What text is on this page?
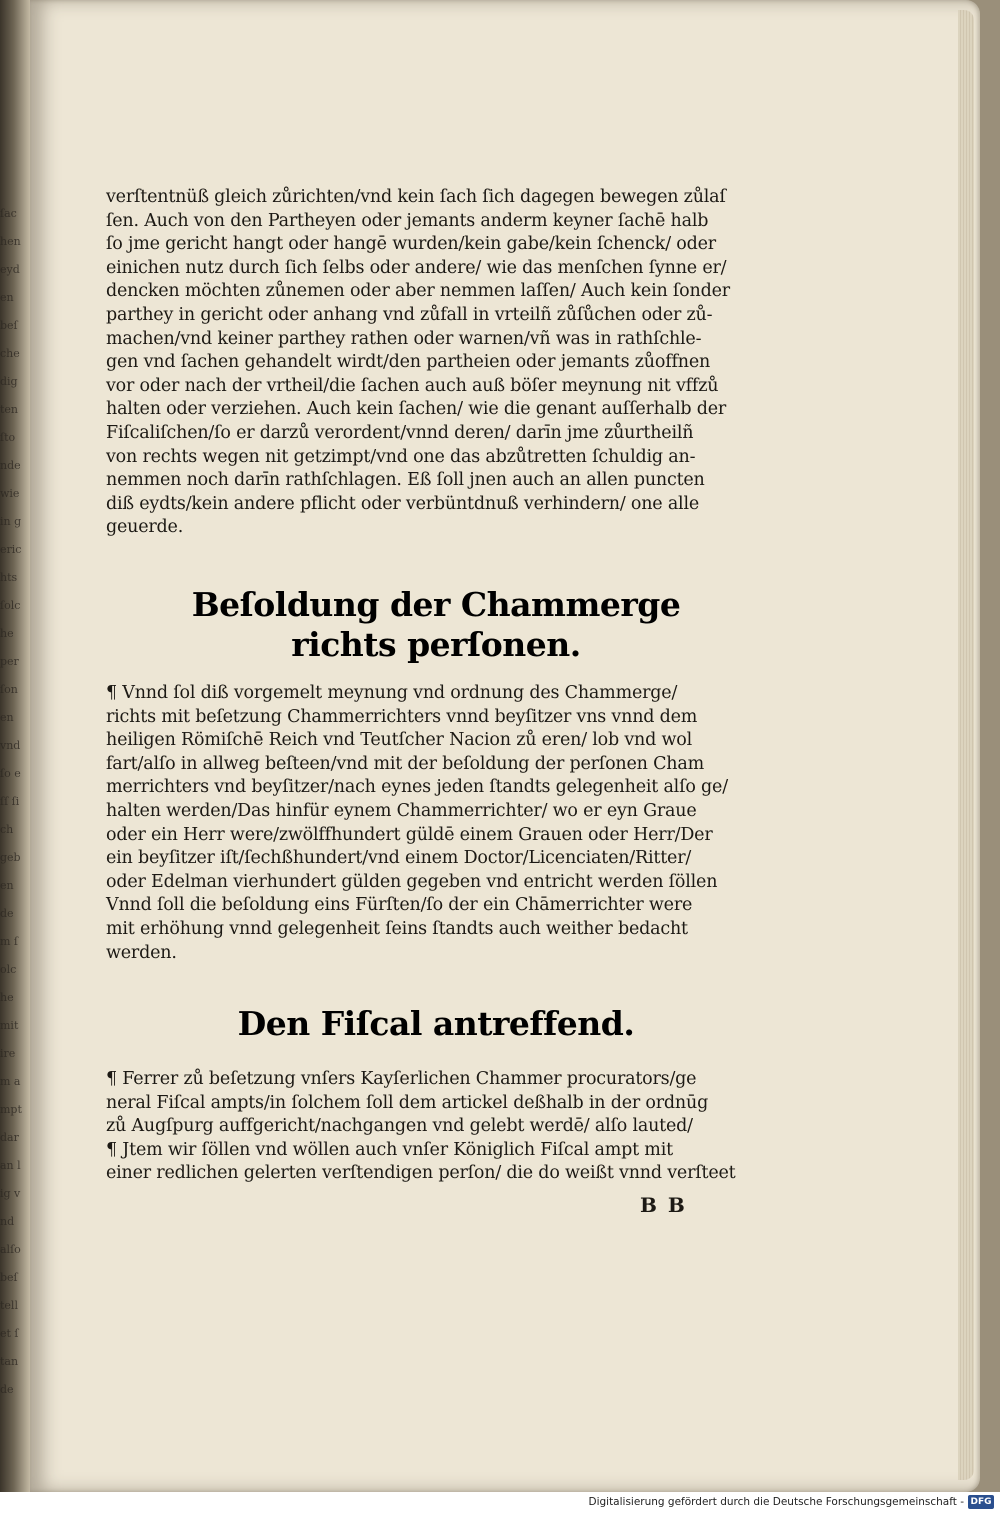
ſachen eyden beſchedigten ſtonde wie in gerichts ſolche perſonen vnd ſo eſſ ſich geben dem ſolche mit irem ampt daran lig vnd alſo beſtellet ſtande
verſtentnüß gleich zůrichten/vnd kein ſach ſich dagegen bewegen zůlaſ
ſen. Auch von den Partheyen oder jemants anderm keyner ſachē halb
ſo jme gericht hangt oder hangē wurden/kein gabe/kein ſchenck/ oder
einichen nutz durch ſich ſelbs oder andere/ wie das menſchen ſynne er/
dencken möchten zůnemen oder aber nemmen laſſen/ Auch kein ſonder
parthey in gericht oder anhang vnd zůfall in vrteilñ zůſůchen oder zů-
machen/vnd keiner parthey rathen oder warnen/vñ was in rathſchle-
gen vnd ſachen gehandelt wirdt/den partheien oder jemants zůoffnen
vor oder nach der vrtheil/die ſachen auch auß böſer meynung nit vffzů
halten oder verziehen. Auch kein ſachen/ wie die genant auſſerhalb der
Fiſcaliſchen/ſo er darzů verordent/vnnd deren/ darīn jme zůurtheilñ
von rechts wegen nit getzimpt/vnd one das abzůtretten ſchuldig an-
nemmen noch darīn rathſchlagen. Eß ſoll jnen auch an allen puncten
diß eydts/kein andere pflicht oder verbüntdnuß verhindern/ one alle
geuerde.
Beſoldung der Chammerge
richts perſonen.
¶ Vnnd ſol diß vorgemelt meynung vnd ordnung des Chammerge/
richts mit beſetzung Chammerrichters vnnd beyſitzer vns vnnd dem
heiligen Römiſchē Reich vnd Teutſcher Nacion zů eren/ lob vnd wol
fart/alſo in allweg beſteen/vnd mit der beſoldung der perſonen Cham
merrichters vnd beyſitzer/nach eynes jeden ſtandts gelegenheit alſo ge/
halten werden/Das hinfür eynem Chammerrichter/ wo er eyn Graue
oder ein Herr were/zwölffhundert güldē einem Grauen oder Herr/Der
ein beyſitzer iſt/ſechßhundert/vnd einem Doctor/Licenciaten/Ritter/
oder Edelman vierhundert gülden gegeben vnd entricht werden ſöllen
Vnnd ſoll die beſoldung eins Fürſten/ſo der ein Chāmerrichter were
mit erhöhung vnnd gelegenheit ſeins ſtandts auch weither bedacht
werden.
Den Fiſcal antreffend.
¶ Ferrer zů beſetzung vnſers Kayſerlichen Chammer procurators/ge
neral Fiſcal ampts/in ſolchem ſoll dem artickel deßhalb in der ordnūg
zů Augſpurg auffgericht/nachgangen vnd gelebt werdē/ alſo lauted/
¶ Jtem wir ſöllen vnd wöllen auch vnſer Königlich Fiſcal ampt mit
einer redlichen gelerten verſtendigen perſon/ die do weißt vnnd verſteet
B B
Digitalisierung gefördert durch die Deutsche Forschungsgemeinschaft - DFG
